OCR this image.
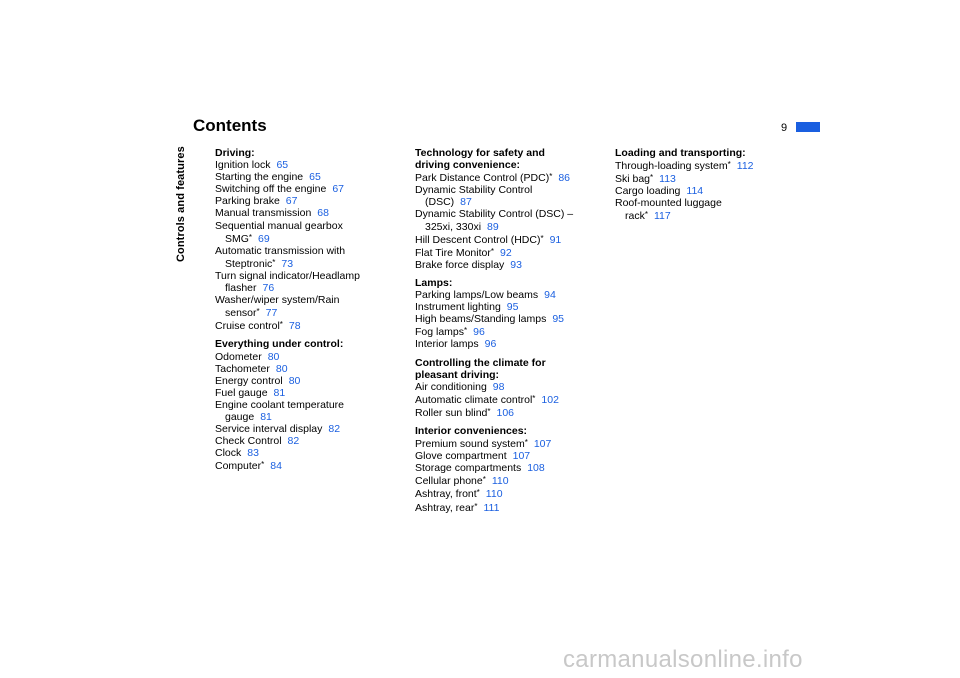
Contents	9
Controls and features	Driving:
Ignition lock 65
Starting the engine 65
Switching off the engine 67
Parking brake 67
Manual transmission 68
Sequential manual gearbox
SMG* 69
Automatic transmission with
Steptronic* 73
Turn signal indicator/Headlamp
flasher 76
Washer/wiper system/Rain
sensor* 77
Cruise control* 78
Everything under control:
Odometer 80
Tachometer 80
Energy control 80
Fuel gauge 81
Engine coolant temperature
gauge 81
Service interval display 82
Check Control 82
Clock 83
Computer* 84
Technology for safety and
driving convenience:
Park Distance Control (PDC)* 86
Dynamic Stability Control
(DSC) 87
Dynamic Stability Control (DSC) –
325xi, 330xi 89
Hill Descent Control (HDC)* 91
Flat Tire Monitor* 92
Brake force display 93
Lamps:
Parking lamps/Low beams 94
Instrument lighting 95
High beams/Standing lamps 95
Fog lamps* 96
Interior lamps 96
Controlling the climate for
pleasant driving:
Air conditioning 98
Automatic climate control* 102
Roller sun blind* 106
Interior conveniences:
Premium sound system* 107
Glove compartment 107
Storage compartments 108
Cellular phone* 110
Ashtray, front* 110
Ashtray, rear* 111
Loading and transporting:
Through-loading system* 112
Ski bag* 113
Cargo loading 114
Roof-mounted luggage
rack* 117
carmanualsonline.info
